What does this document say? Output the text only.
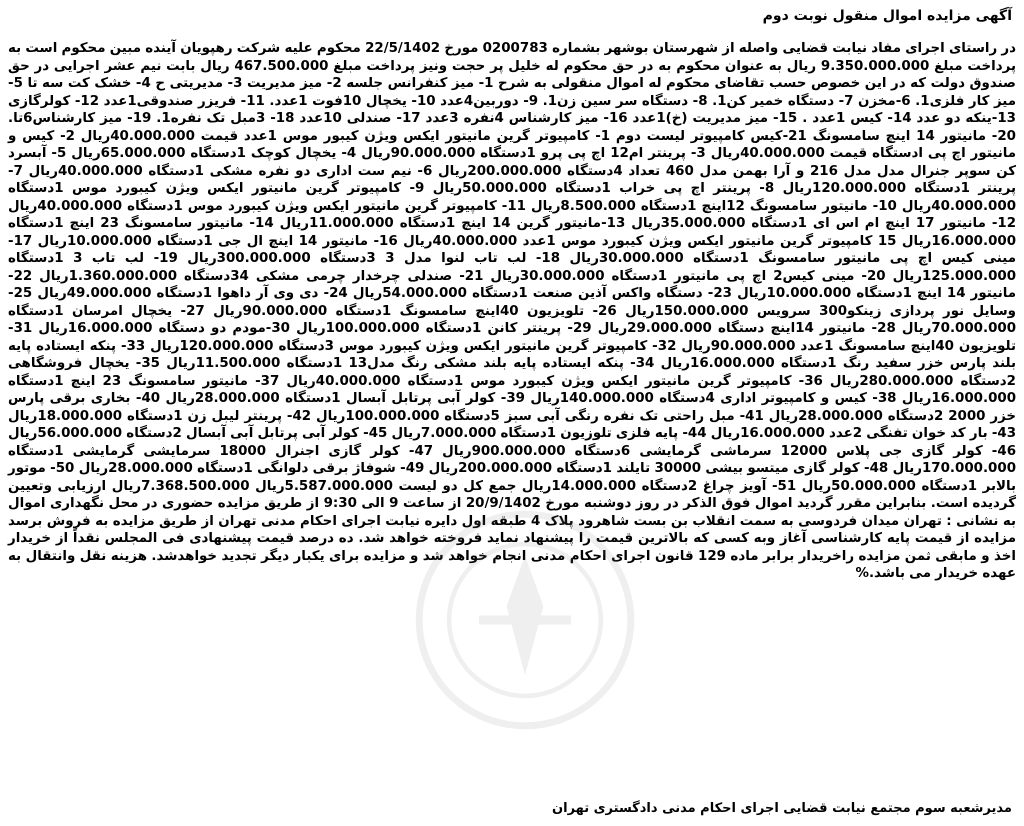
آگهی مزایده اموال منقول نوبت دوم

در راستای اجرای مفاد نیابت قضایی واصله از شهرستان بوشهر بشماره 0200783 مورخ 22/5/1402 محکوم علیه شرکت رهپویان آینده مبین محکوم است به پرداخت مبلغ 9.350.000.000 ریال به عنوان محکوم به در حق محکوم له خلیل پر حجت ونیز پرداخت مبلغ 467.500.000 ریال بابت نیم عشر اجرایی در حق صندوق دولت که در این خصوص حسب تقاضای محکوم له اموال منقولی به شرح 1- میز کنفرانس جلسه 2- میز مدیریت 3- مدیریتی ح 4- خشک کت سه تا 5- میز کار فلزی1. 6-مخزن 7- دستگاه خمیر کن1. 8- دستگاه سر سین زن1. 9- دوربین4عدد 10- یخچال 10فوت 1عدد. 11- فریزر صندوقی1عدد 12- کولرگازی 13-ینکه دو عدد 14- کیس 1عدد . 15- میز مدیریت (خ)1عدد 16- میز کارشناس 4نفره 3عدد 17- صندلی 10عدد 18- 3مبل تک نفره1. 19- میز کارشناس6تا. 20- مانیتور 14 اینچ سامسونگ 21-کیس کامپیوتر لیست دوم 1- کامپیوتر گرین مانیتور ایکس ویژن کیبور موس 1عدد قیمت 40.000.000ریال 2- کیس و مانیتور اچ پی ادستگاه قیمت 40.000.000ریال 3- پرینتر ام12 اچ پی پرو 1دستگاه 90.000.000ریال 4- یخچال کوچک 1دستگاه 65.000.000ریال 5- آبسرد کن سوپر جنرال مدل مدل 216 و آرا بهمن مدل 460 تعداد 4دستگاه 200.000.000ریال 6- نیم ست اداری دو نفره مشکی 1دستگاه 40.000.000ریال 7- پرینتر 1دستگاه 120.000.000ریال 8- پرینتر اچ پی خراب 1دستگاه 50.000.000ریال 9- کامپیوتر گرین مانیتور ایکس ویژن کیبورد موس 1دستگاه 40.000.000ریال 10- مانیتور سامسونگ 12اینچ 1دستگاه 8.500.000ریال 11- کامپیوتر گرین مانیتور ایکس ویژن کیبورد موس 1دستگاه 40.000.000ریال 12- مانیتور 17 اینچ ام اس ای 1دستگاه 35.000.000ریال 13-مانیتور گرین 14 اینچ 1دستگاه 11.000.000ریال 14- مانیتور سامسونگ 23 اینچ 1دستگاه 16.000.000ریال 15 کامپیوتر گرین مانیتور ایکس ویژن کیبورد موس 1عدد 40.000.000ریال 16- مانیتور 14 اینچ ال جی 1دستگاه 10.000.000ریال 17- مینی کیس اچ پی مانیتور سامسونگ 1دستگاه 30.000.000ریال 18- لب تاب لنوا مدل 3 3دستگاه 300.000.000ریال 19- لب تاب 3 1دستگاه 125.000.000ریال 20- مینی کیس2 اچ پی مانیتور 1دستگاه 30.000.000ریال 21- صندلی چرخدار چرمی مشکی 34دستگاه 1.360.000.000ریال 22- مانیتور 14 اینچ 1دستگاه 10.000.000ریال 23- دستگاه واکس آذین صنعت 1دستگاه 54.000.000ریال 24- دی وی آر داهوا 1دستگاه 49.000.000ریال 25- وسایل نور پردازی زینکو300 سرویس 150.000.000ریال 26- تلویزیون 40اینچ سامسونگ 1دستگاه 90.000.000ریال 27- یخچال امرسان 1دستگاه 70.000.000ریال 28- مانیتور 14اینچ دستگاه 29.000.000ریال 29- پرینتر کانن 1دستگاه 100.000.000ریال 30-مودم دو دستگاه 16.000.000ریال 31- تلویزیون 40اینچ سامسونگ 1عدد 90.000.000ریال 32- کامپیوتر گرین مانیتور ایکس ویژن کیبورد موس 3دستگاه 120.000.000ریال 33- پنکه ایستاده پایه بلند پارس خزر سفید رنگ 1دستگاه 16.000.000ریال 34- پنکه ایستاده پایه بلند مشکی رنگ مدل13 1دستگاه 11.500.000ریال 35- یخچال فروشگاهی 2دستگاه 280.000.000ریال 36- کامپیوتر گرین مانیتور ایکس ویژن کیبورد موس 1دستگاه 40.000.000ریال 37- مانیتور سامسونگ 23 اینچ 1دستگاه 16.000.000ریال 38- کیس و کامپیوتر اداری 4دستگاه 140.000.000ریال 39- کولر آبی پرتابل آبسال 1دستگاه 28.000.000ریال 40- بخاری برقی پارس خزر 2000 2دستگاه 28.000.000ریال 41- مبل راحتی تک نفره رنگی آبی سبز 5دستگاه 100.000.000ریال 42- پرینتر لیبل زن 1دستگاه 18.000.000ریال 43- بار کد خوان تفنگی 2عدد 16.000.000ریال 44- پایه فلزی تلوزیون 1دستگاه 7.000.000ریال 45- کولر آبی پرتابل آبی آبسال 2دستگاه 56.000.000ریال 46- کولر گازی جی پلاس 12000 سرماشی گرمایشی 6دستگاه 900.000.000ریال 47- کولر گازی اجنرال 18000 سرمایشی گرمایشی 1دستگاه 170.000.000ریال 48- کولر گازی میتسو بیشی 30000 تایلند 1دستگاه 200.000.000ریال 49- شوفاژ برقی دلوانگی 1دستگاه 28.000.000ریال 50- موتور بالابر 1دستگاه 50.000.000ریال 51- آویز چراغ 2دستگاه 14.000.000ریال جمع کل دو لیست 5.587.000.000ریال 7.368.500.000ریال ارزیابی وتعیین گردیده است. بنابراین مقرر گردید اموال فوق الذکر در روز دوشنبه مورخ 20/9/1402 از ساعت 9 الی 9:30 از طریق مزایده حضوری در محل نگهداری اموال به نشانی : تهران میدان فردوسی به سمت انقلاب بن بست شاهرود پلاک 4 طبقه اول دایره نیابت اجرای احکام مدنی تهران از طریق مزایده به فروش برسد مزایده از قیمت پایه کارشناسی آغاز وبه کسی که بالاترین قیمت را پیشنهاد نماید فروخته خواهد شد. ده درصد قیمت پیشنهادی فی المجلس نقداً از خریدار اخذ و مابقی ثمن مزایده راخریدار برابر ماده 129 قانون اجرای احکام مدنی انجام خواهد شد و مزایده برای یکبار دیگر تجدید خواهدشد. هزینه نقل وانتقال به عهده خریدار می باشد.%

مدیرشعبه سوم مجتمع نیابت قضایی اجرای احکام مدنی دادگستری تهران
